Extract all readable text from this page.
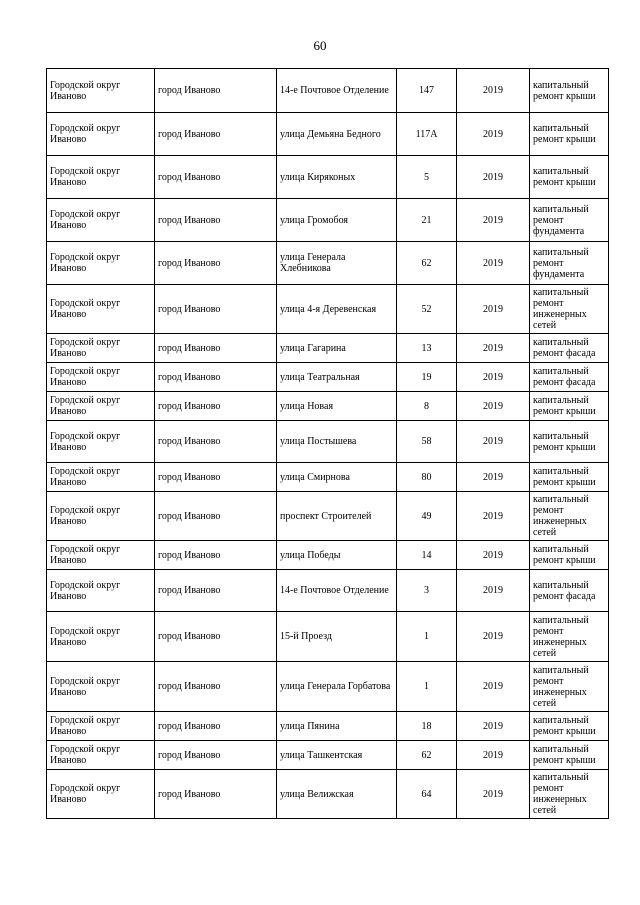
60
Городской округ Иваново	город Иваново	14-е Почтовое Отделение	147	2019	капитальный ремонт крыши
Городской округ Иваново	город Иваново	улица Демьяна Бедного	117А	2019	капитальный ремонт крыши
Городской округ Иваново	город Иваново	улица Киряконых	5	2019	капитальный ремонт крыши
Городской округ Иваново	город Иваново	улица Громобоя	21	2019	капитальный ремонт фундамента
Городской округ Иваново	город Иваново	улица Генерала Хлебникова	62	2019	капитальный ремонт фундамента
Городской округ Иваново	город Иваново	улица 4-я Деревенская	52	2019	капитальный ремонт инженерных сетей
Городской округ Иваново	город Иваново	улица Гагарина	13	2019	капитальный ремонт фасада
Городской округ Иваново	город Иваново	улица Театральная	19	2019	капитальный ремонт фасада
Городской округ Иваново	город Иваново	улица Новая	8	2019	капитальный ремонт крыши
Городской округ Иваново	город Иваново	улица Постышева	58	2019	капитальный ремонт крыши
Городской округ Иваново	город Иваново	улица Смирнова	80	2019	капитальный ремонт крыши
Городской округ Иваново	город Иваново	проспект Строителей	49	2019	капитальный ремонт инженерных сетей
Городской округ Иваново	город Иваново	улица Победы	14	2019	капитальный ремонт крыши
Городской округ Иваново	город Иваново	14-е Почтовое Отделение	3	2019	капитальный ремонт фасада
Городской округ Иваново	город Иваново	15-й Проезд	1	2019	капитальный ремонт инженерных сетей
Городской округ Иваново	город Иваново	улица Генерала Горбатова	1	2019	капитальный ремонт инженерных сетей
Городской округ Иваново	город Иваново	улица Пянина	18	2019	капитальный ремонт крыши
Городской округ Иваново	город Иваново	улица Ташкентская	62	2019	капитальный ремонт крыши
Городской округ Иваново	город Иваново	улица Велижская	64	2019	капитальный ремонт инженерных сетей
